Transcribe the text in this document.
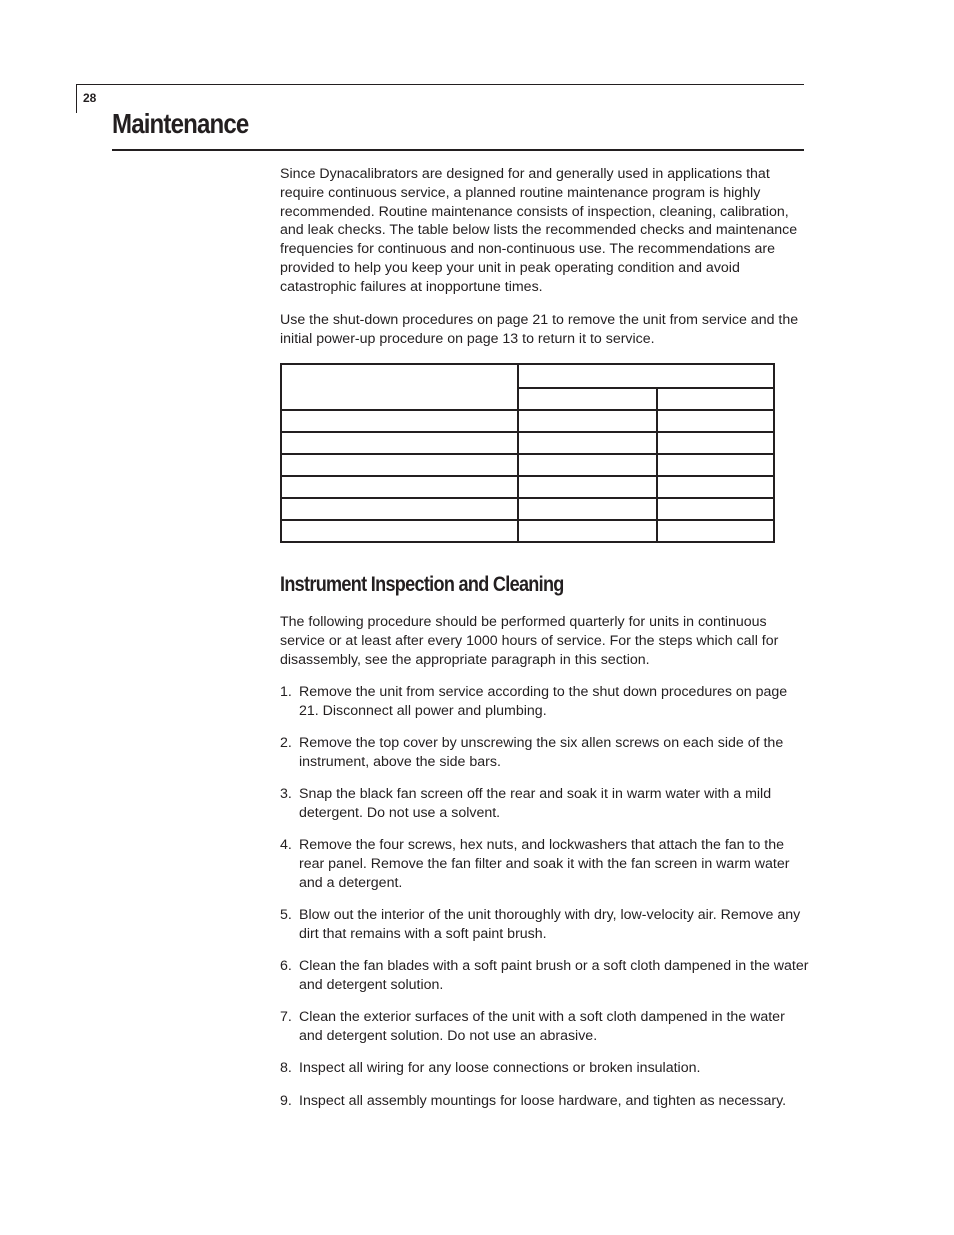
28
Maintenance

Since Dynacalibrators are designed for and generally used in applications that require continuous service, a planned routine maintenance program is highly recommended. Routine maintenance consists of inspection, cleaning, calibration, and leak checks. The table below lists the recommended checks and maintenance frequencies for continuous and non-continuous use. The recommendations are provided to help you keep your unit in peak operating condition and avoid catastrophic failures at inopportune times.

Use the shut-down procedures on page 21 to remove the unit from service and the initial power-up procedure on page 13 to return it to service.

Instrument Inspection and Cleaning

The following procedure should be performed quarterly for units in continuous service or at least after every 1000 hours of service. For the steps which call for disassembly, see the appropriate paragraph in this section.

1. Remove the unit from service according to the shut down procedures on page 21. Disconnect all power and plumbing.
2. Remove the top cover by unscrewing the six allen screws on each side of the instrument, above the side bars.
3. Snap the black fan screen off the rear and soak it in warm water with a mild detergent. Do not use a solvent.
4. Remove the four screws, hex nuts, and lockwashers that attach the fan to the rear panel. Remove the fan filter and soak it with the fan screen in warm water and a detergent.
5. Blow out the interior of the unit thoroughly with dry, low-velocity air. Remove any dirt that remains with a soft paint brush.
6. Clean the fan blades with a soft paint brush or a soft cloth dampened in the water and detergent solution.
7. Clean the exterior surfaces of the unit with a soft cloth dampened in the water and detergent solution. Do not use an abrasive.
8. Inspect all wiring for any loose connections or broken insulation.
9. Inspect all assembly mountings for loose hardware, and tighten as necessary.
